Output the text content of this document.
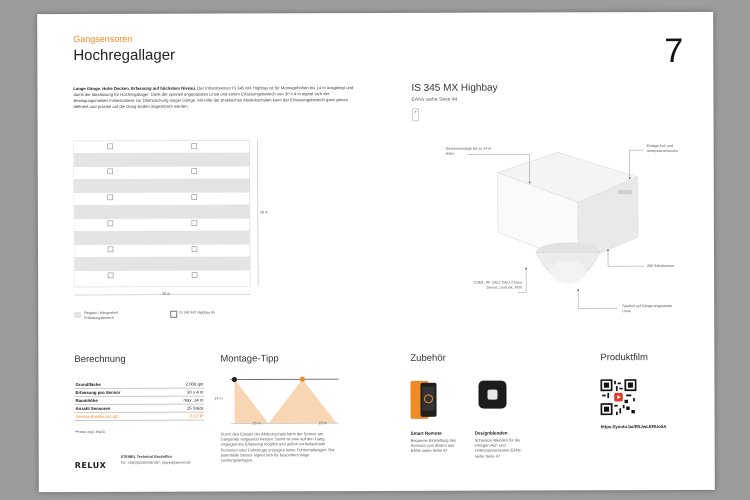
Gangsensoren
Hochregallager	7
Lange Gänge. Hohe Decken. Erfassung auf höchstem Niveau. Der Infrarotsensor IS 345 MX Highbay ist für Montagehöhen bis 14 m ausgelegt und damit die Ideallösung für Hochregallager. Dank der speziell angepassten Linse und einem Erfassungsbereich von 30 x 4 m eignet sich der Bewegungsmelder insbesondere zur Überwachung langer Gänge. Mit Hilfe der praktischen Abdeckschalen kann der Erfassungsbereich ganz genau definiert und präzise auf die Gang-Enden abgestimmt werden.
30 m
30 m
Regaler / Hängeshelt Erfassungsbereich
IS 345 MX Highbay IR
IS 345 MX Highbay
EANs siehe Seite 44
Deckenmontage bis zu 14 m Höhe
Einlage Auf- und Unterputzversionen
COM1, PF, DALI, DALI-2 Input Device, LiveLink, KNX
280 Schaltzonen
Speziell auf Gänge angepasste Linse
Berechnung
Grundfläche	2.000 qm
Erfassung pro Sensor	30 x 4 m
Raumhöhe	max. 14 m
Anzahl Sensoren	15 Stück
Sensor-Kosten pro qm	0,57 €*
*Preise zzgl. MwSt.
Montage-Tipp
14 m
15 m	15 m
Durch den Einsatz der Abdeckschale kann der Sensor am Gangende eingesetzt werden. Somit ist eine auf den Gang eingegrenzte Erfassung möglich und außen vorbeilaufende Personen oder Fahrzeuge erzeugen keine Fehlschaltungen. Der potentielle Sensor eignet sich für besonders lange Leistungsanlagen.
Zubehör
Smart Remote
Bequeme Einstellung des Sensors vom Boden aus EANs siehe Seite 47
Designblenden
Schwarze Blenden für die einzigen Auf- und Unterputzversionen EANs siehe Seite 47
Produktfilm
https://youtu.be/R5JwLERUo5A
RELUX
STEINEL Technical Backoffice
Tel. +49(0)5245/448-307, objekt@steinel.de
